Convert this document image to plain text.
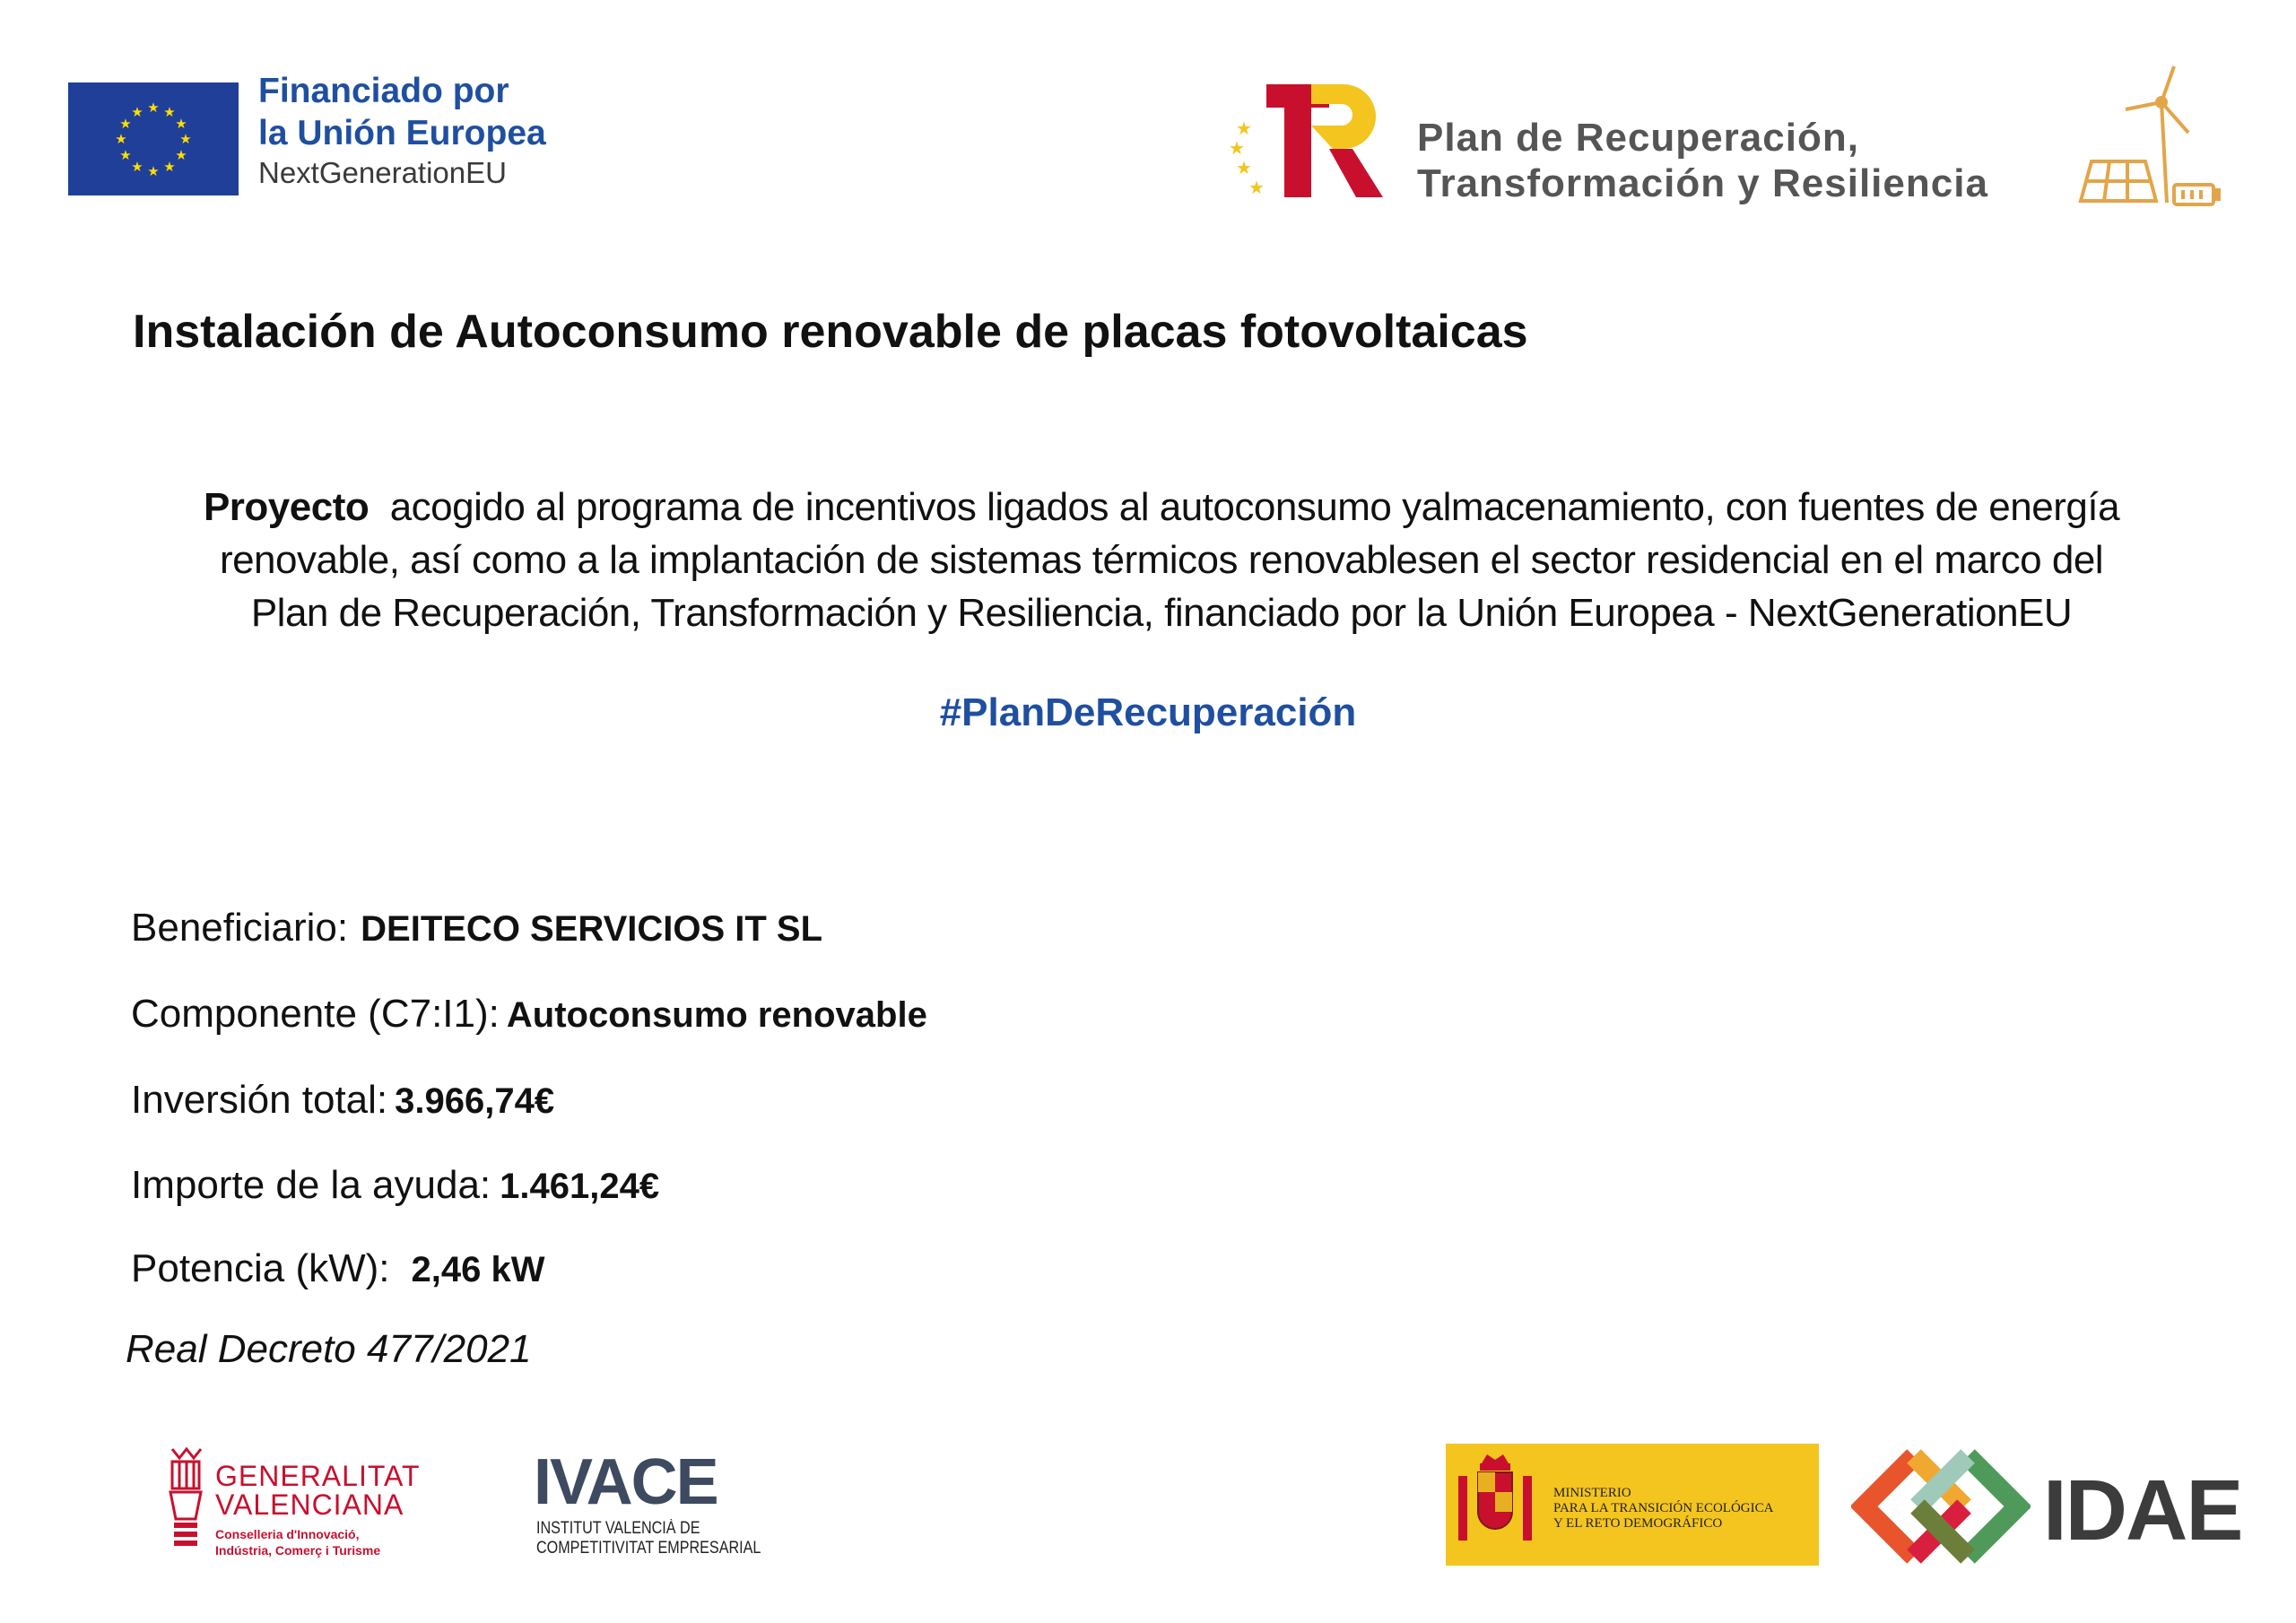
★ ★
★
★
★
★
★
★
★
★
★
★
Financiado por
la Unión Europea
NextGenerationEU
★
★
★
★
Plan de Recuperación,
Transformación y Resiliencia
Instalación de Autoconsumo renovable de placas fotovoltaicas
Proyecto acogido al programa de incentivos ligados al autoconsumo yalmacenamiento, con fuentes de energía
renovable, así como a la implantación de sistemas térmicos renovablesen el sector residencial en el marco del
Plan de Recuperación, Transformación y Resiliencia, financiado por la Unión Europea - NextGenerationEU
#PlanDeRecuperación
Beneficiario: DEITECO SERVICIOS IT SL
Componente (C7:I1): Autoconsumo renovable
Inversión total: 3.966,74€
Importe de la ayuda: 1.461,24€
Potencia (kW): 2,46 kW
Real Decreto 477/2021
GENERALITAT
VALENCIANA
Conselleria d'Innovació,
Indústria, Comerç i Turisme
IVACE
INSTITUT VALENCIÀ DE
COMPETITIVITAT EMPRESARIAL
MINISTERIO
PARA LA TRANSICIÓN ECOLÓGICA
Y EL RETO DEMOGRÁFICO	IDAE
